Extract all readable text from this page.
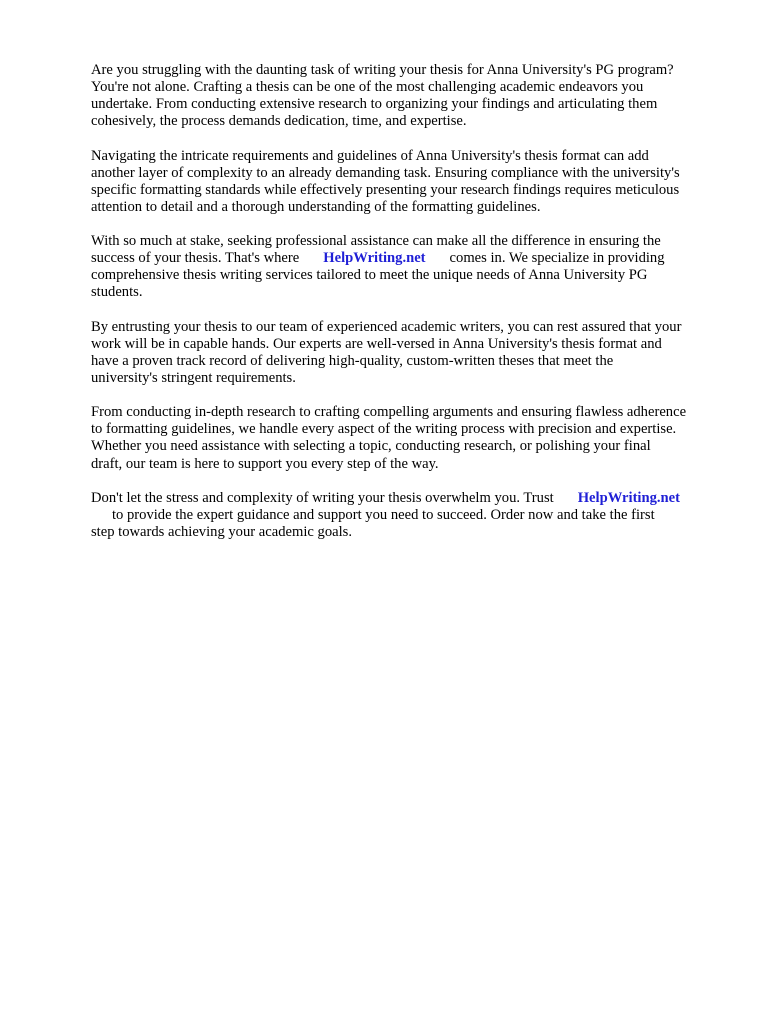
Are you struggling with the daunting task of writing your thesis for Anna University's PG program?
You're not alone. Crafting a thesis can be one of the most challenging academic endeavors you
undertake. From conducting extensive research to organizing your findings and articulating them
cohesively, the process demands dedication, time, and expertise.

Navigating the intricate requirements and guidelines of Anna University's thesis format can add
another layer of complexity to an already demanding task. Ensuring compliance with the university's
specific formatting standards while effectively presenting your research findings requires meticulous
attention to detail and a thorough understanding of the formatting guidelines.

With so much at stake, seeking professional assistance can make all the difference in ensuring the
success of your thesis. That's where HelpWriting.net comes in. We specialize in providing
comprehensive thesis writing services tailored to meet the unique needs of Anna University PG
students.

By entrusting your thesis to our team of experienced academic writers, you can rest assured that your
work will be in capable hands. Our experts are well-versed in Anna University's thesis format and
have a proven track record of delivering high-quality, custom-written theses that meet the
university's stringent requirements.

From conducting in-depth research to crafting compelling arguments and ensuring flawless adherence
to formatting guidelines, we handle every aspect of the writing process with precision and expertise.
Whether you need assistance with selecting a topic, conducting research, or polishing your final
draft, our team is here to support you every step of the way.

Don't let the stress and complexity of writing your thesis overwhelm you. Trust HelpWriting.net
to provide the expert guidance and support you need to succeed. Order now and take the first
step towards achieving your academic goals.
